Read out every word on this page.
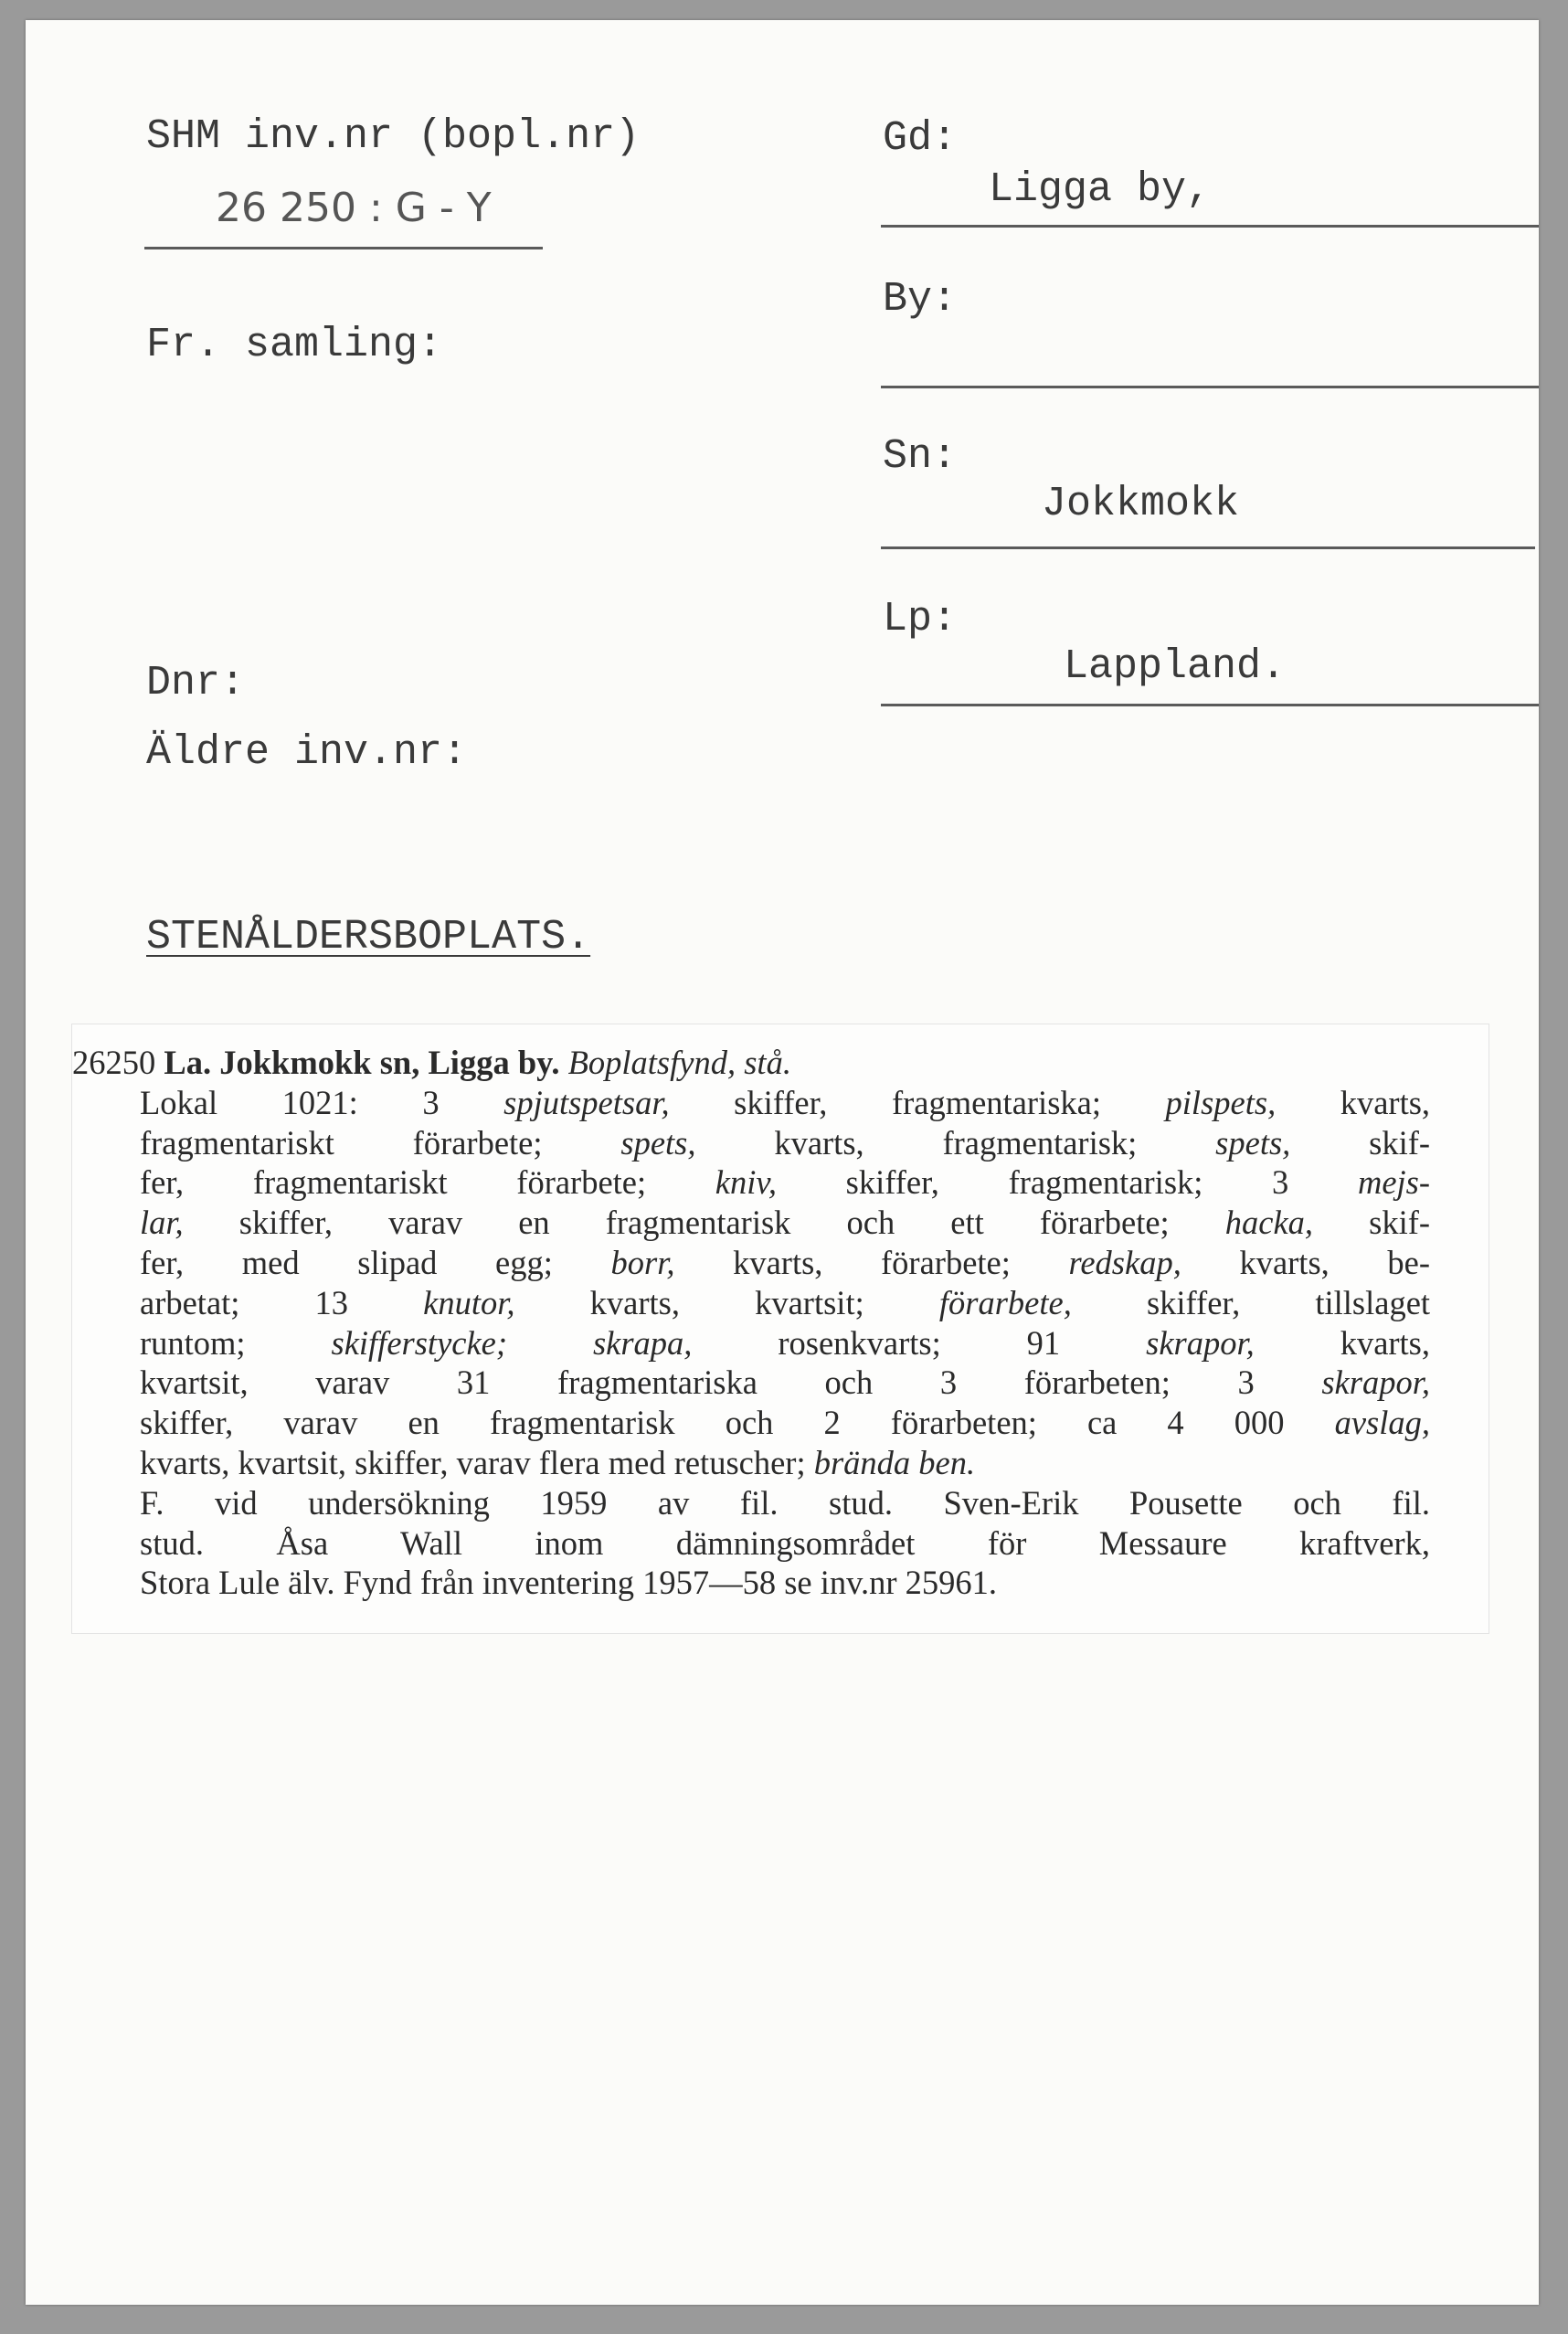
SHM inv.nr (bopl.nr)
26 250 : G - Y
Fr. samling:
Dnr:
Äldre inv.nr:
STENÅLDERSBOPLATS.
Gd:
Ligga by,
By:
Sn:
Jokkmokk
Lp:
Lappland.
26250 La. Jokkmokk sn, Ligga by. Boplatsfynd, stå.
Lokal 1021: 3 spjutspetsar, skiffer, fragmentariska; pilspets, kvarts,
fragmentariskt förarbete; spets, kvarts, fragmentarisk; spets, skif-
fer, fragmentariskt förarbete; kniv, skiffer, fragmentarisk; 3 mejs-
lar, skiffer, varav en fragmentarisk och ett förarbete; hacka, skif-
fer, med slipad egg; borr, kvarts, förarbete; redskap, kvarts, be-
arbetat; 13 knutor, kvarts, kvartsit; förarbete, skiffer, tillslaget
runtom;	skifferstycke; skrapa,	rosenkvarts; 91	skrapor,	kvarts,
kvartsit, varav 31 fragmentariska och 3 förarbeten; 3 skrapor,
skiffer, varav en fragmentarisk och 2 förarbeten; ca 4 000 avslag,
kvarts, kvartsit, skiffer, varav flera med retuscher; brända ben.
F. vid undersökning 1959 av fil. stud. Sven-Erik Pousette och fil.
stud. Åsa Wall inom dämningsområdet för Messaure kraftverk,
Stora Lule älv. Fynd från inventering 1957—58 se inv.nr 25961.
